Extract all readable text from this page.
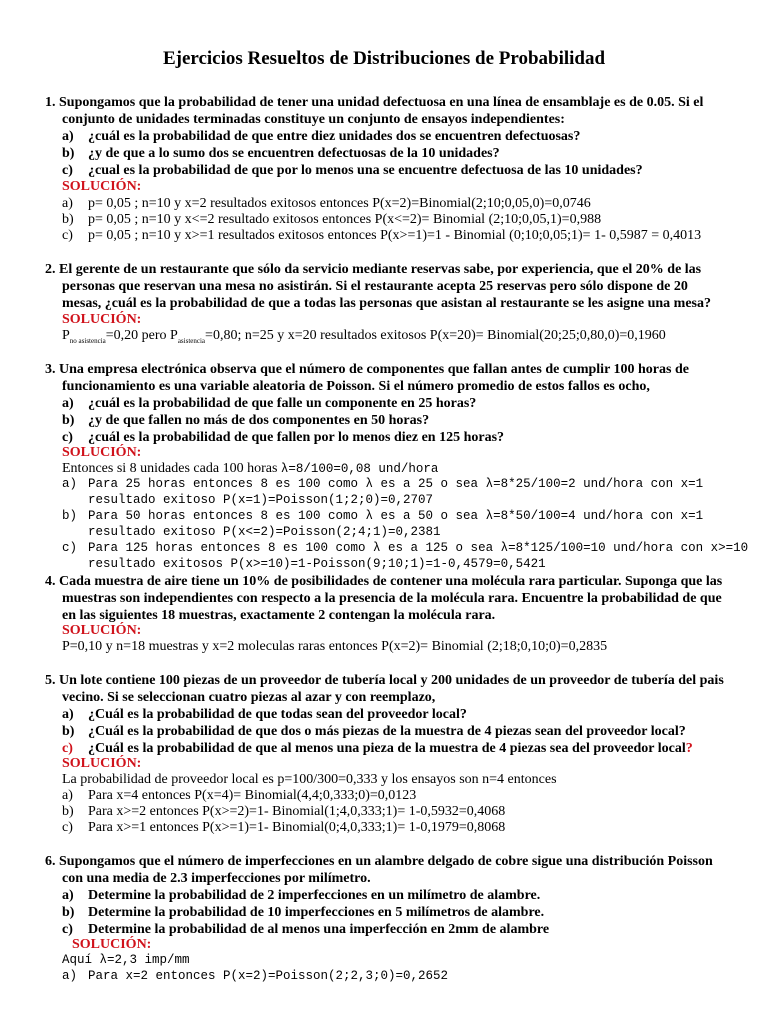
Ejercicios Resueltos de Distribuciones de Probabilidad
1. Supongamos que la probabilidad de tener una unidad defectuosa en una línea de ensamblaje es de 0.05. Si el
conjunto de unidades terminadas constituye un conjunto de ensayos independientes:
a) ¿cuál es la probabilidad de que entre diez unidades dos se encuentren defectuosas?
b) ¿y de que a lo sumo dos se encuentren defectuosas de la 10 unidades?
c) ¿cual es la probabilidad de que por lo menos una se encuentre defectuosa de las 10 unidades?
SOLUCIÓN:
a) p= 0,05 ; n=10 y x=2 resultados exitosos entonces P(x=2)=Binomial(2;10;0,05,0)=0,0746
b) p= 0,05 ; n=10 y x<=2 resultado exitosos entonces P(x<=2)= Binomial (2;10;0,05,1)=0,988
c) p= 0,05 ; n=10 y x>=1 resultados exitosos entonces P(x>=1)=1 - Binomial (0;10;0,05;1)= 1- 0,5987 = 0,4013
2. El gerente de un restaurante que sólo da servicio mediante reservas sabe, por experiencia, que el 20% de las
personas que reservan una mesa no asistirán. Si el restaurante acepta 25 reservas pero sólo dispone de 20
mesas, ¿cuál es la probabilidad de que a todas las personas que asistan al restaurante se les asigne una mesa?
SOLUCIÓN:
$P_{no asistencia}=0,20$ pero $P_{asistencia}=0,80$; n=25 y x=20 resultados exitosos P(x=20)= Binomial(20;25;0,80,0)=0,1960
3. Una empresa electrónica observa que el número de componentes que fallan antes de cumplir 100 horas de
funcionamiento es una variable aleatoria de Poisson. Si el número promedio de estos fallos es ocho,
a) ¿cuál es la probabilidad de que falle un componente en 25 horas?
b) ¿y de que fallen no más de dos componentes en 50 horas?
c) ¿cuál es la probabilidad de que fallen por lo menos diez en 125 horas?
SOLUCIÓN:
Entonces si 8 unidades cada 100 horas λ=8/100=0,08 und/hora
a) Para 25 horas entonces 8 es 100 como λ es a 25 o sea λ=8*25/100=2 und/hora con x=1
resultado exitoso P(x=1)=Poisson(1;2;0)=0,2707
b) Para 50 horas entonces 8 es 100 como λ es a 50 o sea λ=8*50/100=4 und/hora con x=1
resultado exitoso P(x<=2)=Poisson(2;4;1)=0,2381
c) Para 125 horas entonces 8 es 100 como λ es a 125 o sea λ=8*125/100=10 und/hora con x>=10
resultado exitosos P(x>=10)=1-Poisson(9;10;1)=1-0,4579=0,5421
4. Cada muestra de aire tiene un 10% de posibilidades de contener una molécula rara particular. Suponga que las
muestras son independientes con respecto a la presencia de la molécula rara. Encuentre la probabilidad de que
en las siguientes 18 muestras, exactamente 2 contengan la molécula rara.
SOLUCIÓN:
P=0,10 y n=18 muestras y x=2 moleculas raras entonces P(x=2)= Binomial (2;18;0,10;0)=0,2835
5. Un lote contiene 100 piezas de un proveedor de tubería local y 200 unidades de un proveedor de tubería del pais
vecino. Si se seleccionan cuatro piezas al azar y con reemplazo,
a) ¿Cuál es la probabilidad de que todas sean del proveedor local?
b) ¿Cuál es la probabilidad de que dos o más piezas de la muestra de 4 piezas sean del proveedor local?
c) ¿Cuál es la probabilidad de que al menos una pieza de la muestra de 4 piezas sea del proveedor local?
SOLUCIÓN:
La probabilidad de proveedor local es p=100/300=0,333 y los ensayos son n=4 entonces
a) Para x=4 entonces P(x=4)= Binomial(4,4;0,333;0)=0,0123
b) Para x>=2 entonces P(x>=2)=1- Binomial(1;4,0,333;1)= 1-0,5932=0,4068
c) Para x>=1 entonces P(x>=1)=1- Binomial(0;4,0,333;1)= 1-0,1979=0,8068
6. Supongamos que el número de imperfecciones en un alambre delgado de cobre sigue una distribución Poisson
con una media de 2.3 imperfecciones por milímetro.
a) Determine la probabilidad de 2 imperfecciones en un milímetro de alambre.
b) Determine la probabilidad de 10 imperfecciones en 5 milímetros de alambre.
c) Determine la probabilidad de al menos una imperfección en 2mm de alambre
SOLUCIÓN:
Aquí λ=2,3 imp/mm
a) Para x=2 entonces P(x=2)=Poisson(2;2,3;0)=0,2652
